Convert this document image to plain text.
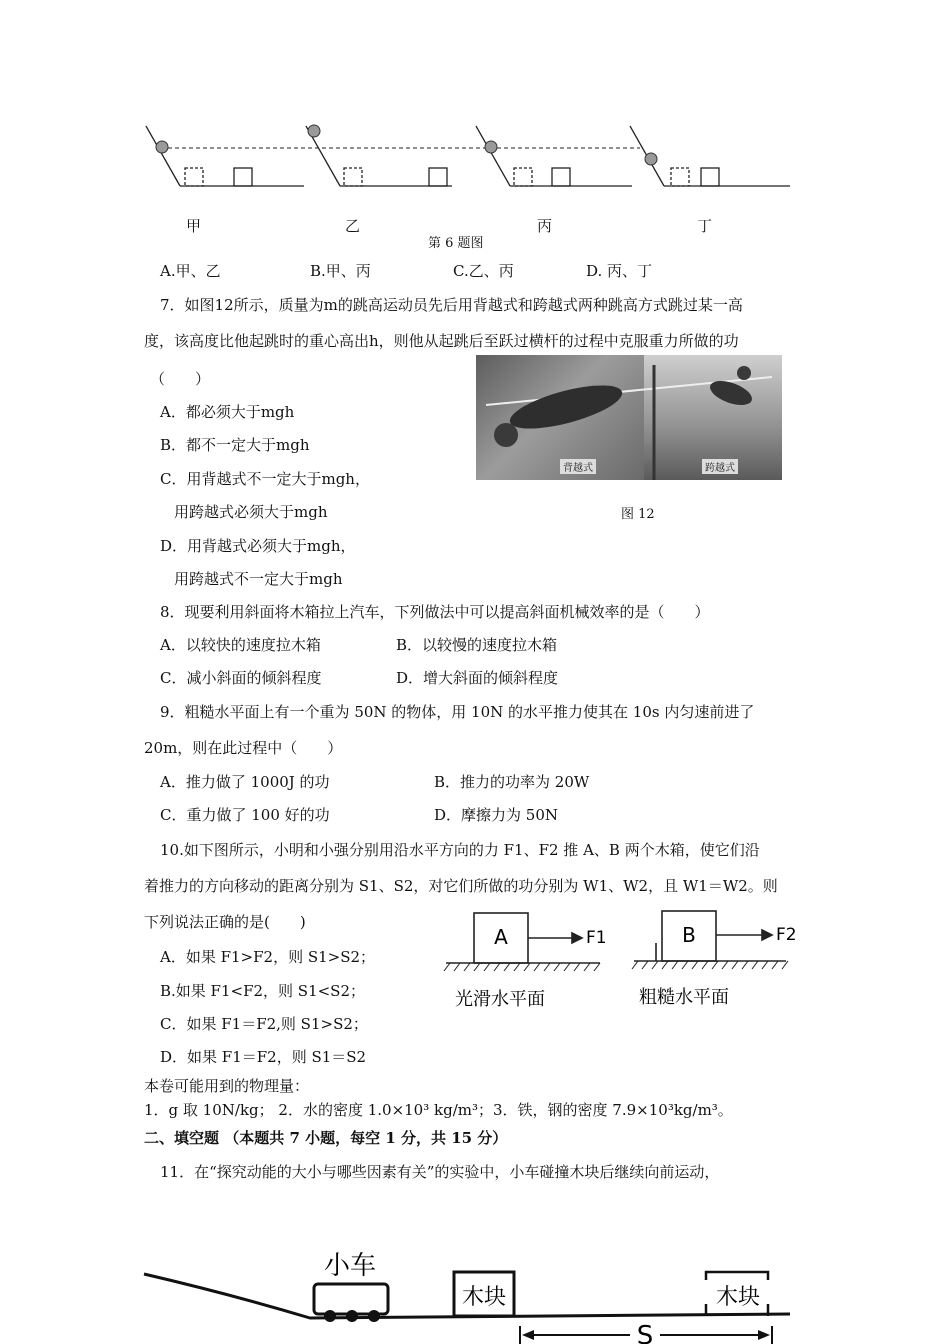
甲	乙	丙	丁
第 6 题图
A.甲、乙	B.甲、丙	C.乙、丙	D. 丙、丁
7．如图12所示，质量为m的跳高运动员先后用背越式和跨越式两种跳高方式跳过某一高
度，该高度比他起跳时的重心高出h，则他从起跳后至跃过横杆的过程中克服重力所做的功
（　　）
A．都必须大于mgh
B．都不一定大于mgh
C．用背越式不一定大于mgh，
用跨越式必须大于mgh
D．用背越式必须大于mgh，
用跨越式不一定大于mgh
背越式	跨越式
图 12
8．现要利用斜面将木箱拉上汽车，下列做法中可以提高斜面机械效率的是（　　）
A．以较快的速度拉木箱	B．以较慢的速度拉木箱
C．减小斜面的倾斜程度	D．增大斜面的倾斜程度
9．粗糙水平面上有一个重为 50N 的物体，用 10N 的水平推力使其在 10s 内匀速前进了
20m，则在此过程中（　　）
A．推力做了 1000J 的功	B．推力的功率为 20W
C．重力做了 100 好的功	D．摩擦力为 50N
10.如下图所示，小明和小强分别用沿水平方向的力 F1、F2 推 A、B 两个木箱，使它们沿
着推力的方向移动的距离分别为 S1、S2，对它们所做的功分别为 W1、W2，且 W1＝W2。则
下列说法正确的是(　　)
A．如果 F1>F2，则 S1>S2；
B.如果 F1<F2，则 S1<S2；
C．如果 F1＝F2,则 S1>S2；
D．如果 F1＝F2，则 S1＝S2
A	B
F1	F2
光滑水平面	粗糙水平面
本卷可能用到的物理量：
1．g 取 10N/kg； 2．水的密度 1.0×10³ kg/m³；3．铁，钢的密度 7.9×10³kg/m³。
二、填空题 （本题共 7 小题，每空 1 分，共 15 分）
11．在“探究动能的大小与哪些因素有关”的实验中，小车碰撞木块后继续向前运动，
小车
木块	木块
S
